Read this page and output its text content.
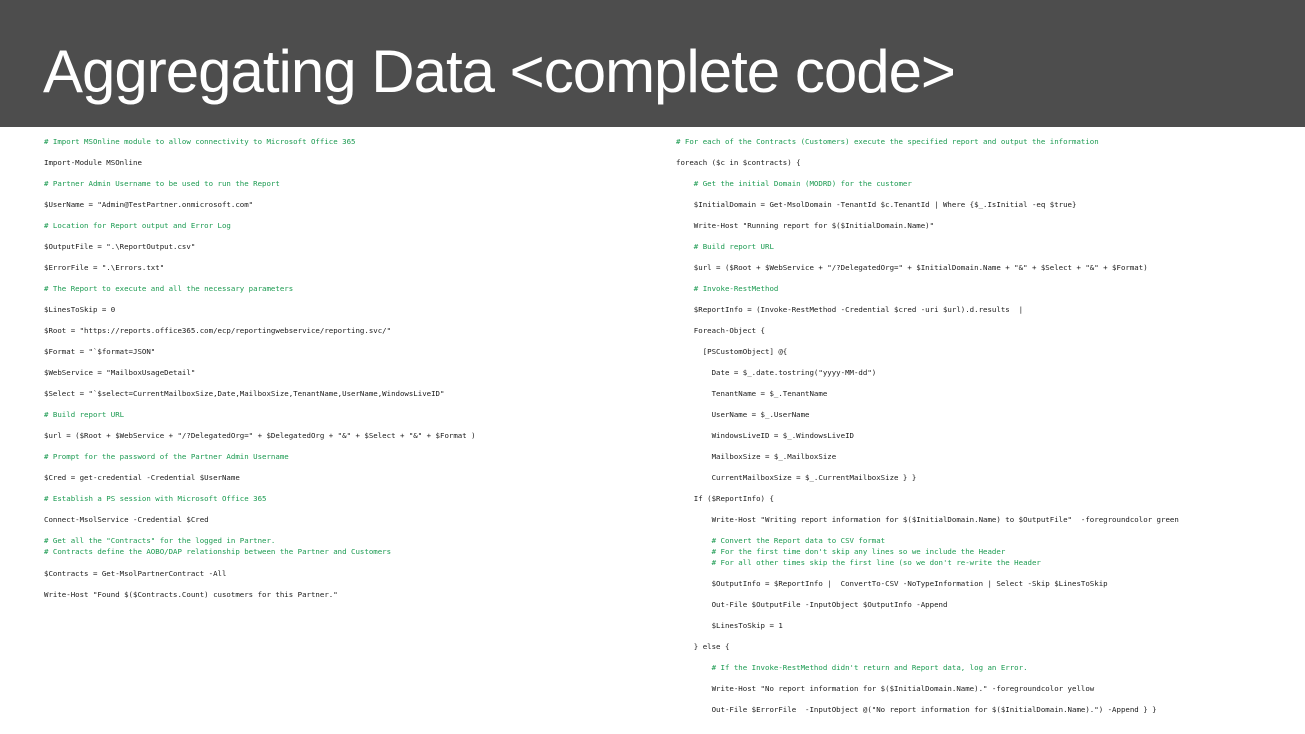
Aggregating Data <complete code>
# Import MSOnline module to allow connectivity to Microsoft Office 365
Import-Module MSOnline
# Partner Admin Username to be used to run the Report
$UserName = "Admin@TestPartner.onmicrosoft.com"
# Location for Report output and Error Log
$OutputFile = ".\ReportOutput.csv"
$ErrorFile = ".\Errors.txt"
# The Report to execute and all the necessary parameters
$LinesToSkip = 0
$Root = "https://reports.office365.com/ecp/reportingwebservice/reporting.svc/"
$Format = "`$format=JSON"
$WebService = "MailboxUsageDetail"
$Select = "`$select=CurrentMailboxSize,Date,MailboxSize,TenantName,UserName,WindowsLiveID"
# Build report URL
$url = ($Root + $WebService + "/?DelegatedOrg=" + $DelegatedOrg + "&" + $Select + "&" + $Format )
# Prompt for the password of the Partner Admin Username
$Cred = get-credential -Credential $UserName
# Establish a PS session with Microsoft Office 365
Connect-MsolService -Credential $Cred
# Get all the "Contracts" for the logged in Partner.
# Contracts define the AOBO/DAP relationship between the Partner and Customers
$Contracts = Get-MsolPartnerContract -All
Write-Host "Found $($Contracts.Count) cusotmers for this Partner."
# For each of the Contracts (Customers) execute the specified report and output the information
foreach ($c in $contracts) {
# Get the initial Domain (MODRD) for the customer
$InitialDomain = Get-MsolDomain -TenantId $c.TenantId | Where {$_.IsInitial -eq $true}
Write-Host "Running report for $($InitialDomain.Name)"
# Build report URL
$url = ($Root + $WebService + "/?DelegatedOrg=" + $InitialDomain.Name + "&" + $Select + "&" + $Format)
# Invoke-RestMethod
$ReportInfo = (Invoke-RestMethod -Credential $cred -uri $url).d.results  |
Foreach-Object {
[PSCustomObject] @{
Date = $_.date.tostring("yyyy-MM-dd")
TenantName = $_.TenantName
UserName = $_.UserName
WindowsLiveID = $_.WindowsLiveID
MailboxSize = $_.MailboxSize
CurrentMailboxSize = $_.CurrentMailboxSize } }
If ($ReportInfo) {
Write-Host "Writing report information for $($InitialDomain.Name) to $OutputFile"  -foregroundcolor green
# Convert the Report data to CSV format
# For the first time don't skip any lines so we include the Header
# For all other times skip the first line (so we don't re-write the Header
$OutputInfo = $ReportInfo |  ConvertTo-CSV -NoTypeInformation | Select -Skip $LinesToSkip
Out-File $OutputFile -InputObject $OutputInfo -Append
$LinesToSkip = 1
} else {
# If the Invoke-RestMethod didn't return and Report data, log an Error.
Write-Host "No report information for $($InitialDomain.Name)." -foregroundcolor yellow
Out-File $ErrorFile  -InputObject @("No report information for $($InitialDomain.Name).") -Append } }
